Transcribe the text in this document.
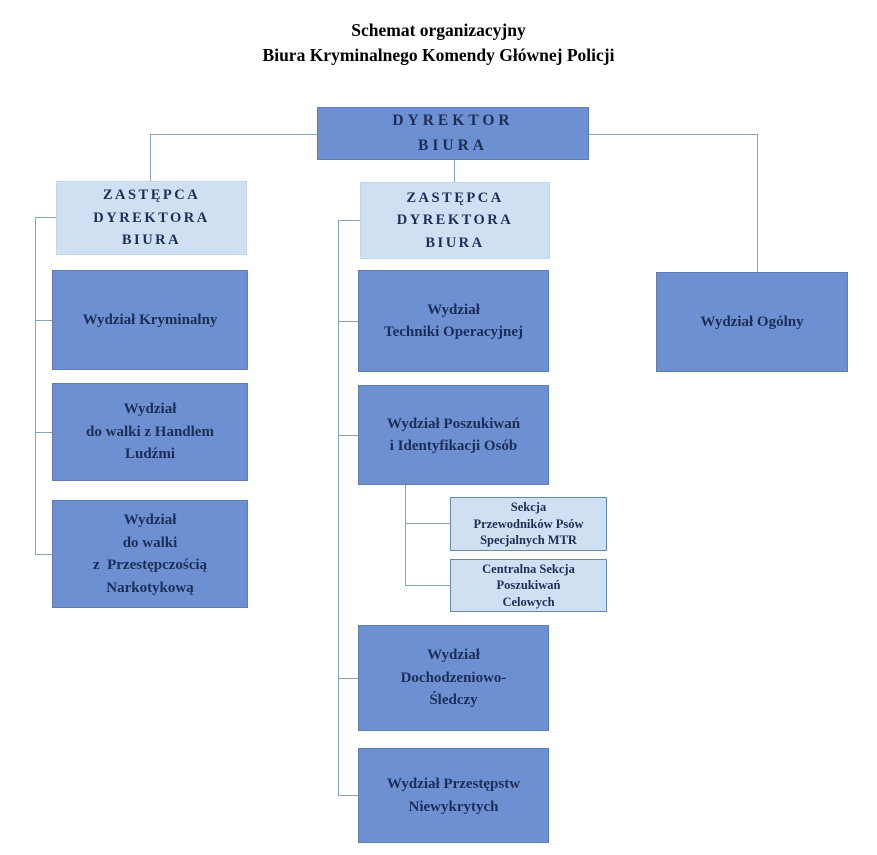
Schemat organizacyjny
Biura Kryminalnego Komendy Głównej Policji
DYREKTOR
BIURA
ZASTĘPCA
DYREKTORA
BIURA
ZASTĘPCA
DYREKTORA
BIURA
Wydział Kryminalny
Wydział
do walki z Handlem
Ludźmi
Wydział
do walki
z  Przestępczością
Narkotykową
Wydział
Techniki Operacyjnej
Wydział Poszukiwań
i Identyfikacji Osób
Sekcja
Przewodników Psów
Specjalnych MTR
Centralna Sekcja
Poszukiwań
Celowych
Wydział
Dochodzeniowo-
Śledczy
Wydział Przestępstw
Niewykrytych
Wydział Ogólny
